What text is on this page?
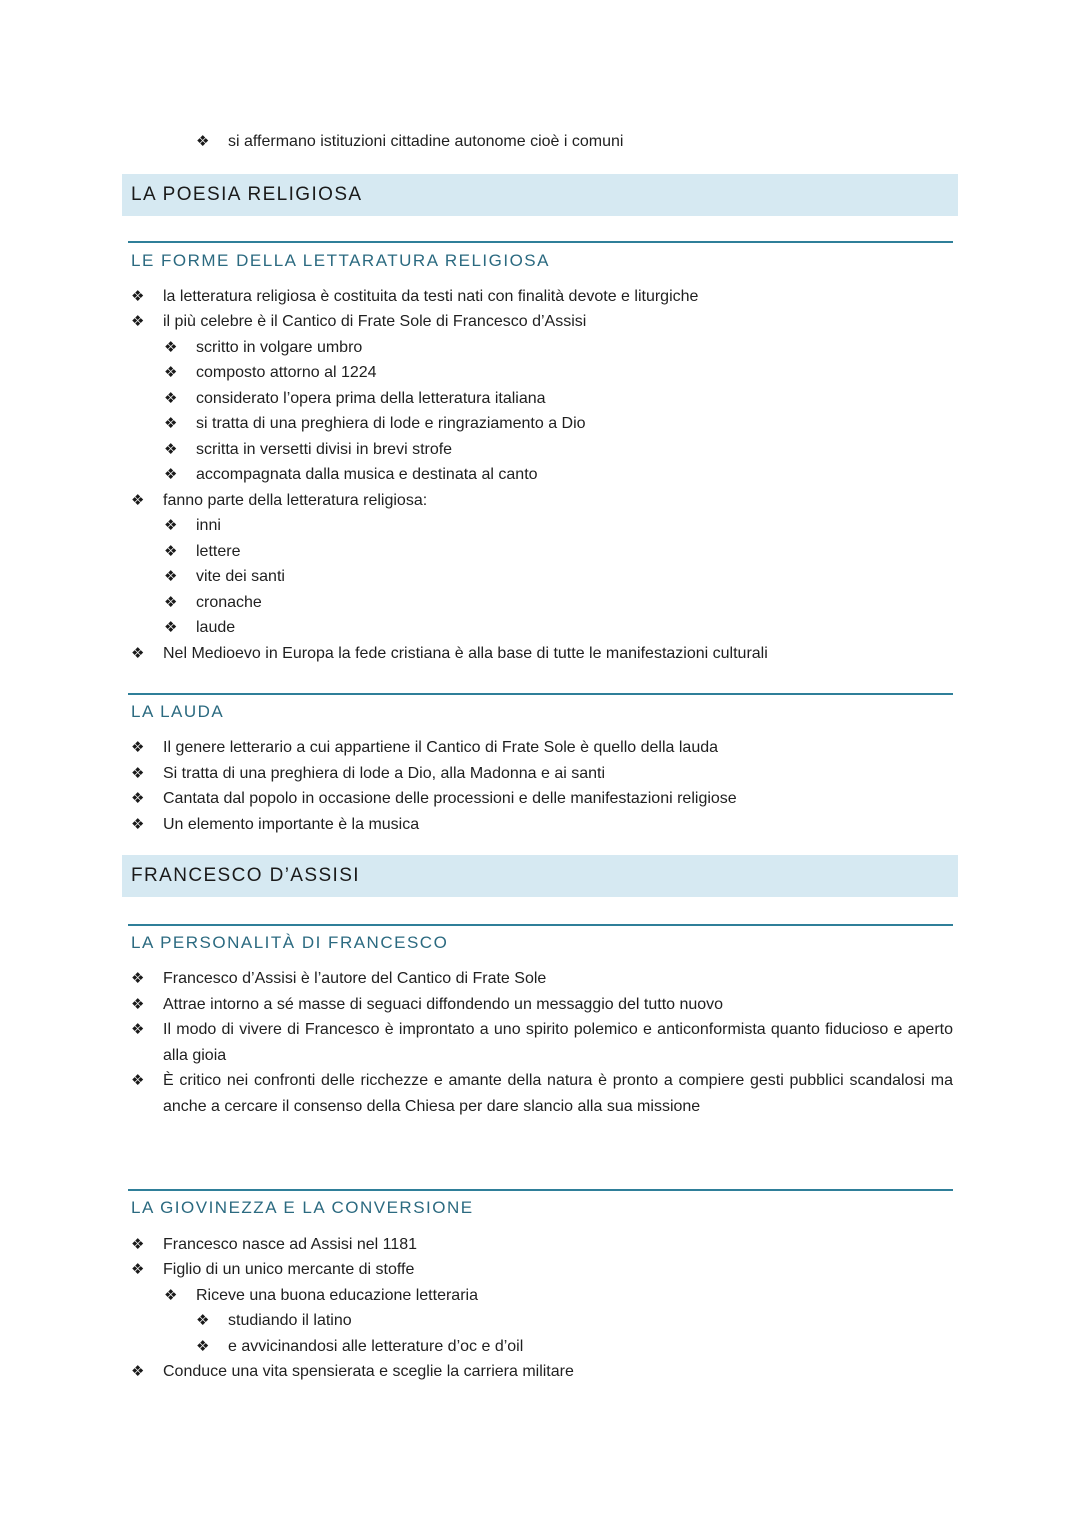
❖ si affermano istituzioni cittadine autonome cioè i comuni
LA POESIA RELIGIOSA
LE FORME DELLA LETTARATURA RELIGIOSA
❖ la letteratura religiosa è costituita da testi nati con finalità devote e liturgiche
❖ il più celebre è il Cantico di Frate Sole di Francesco d’Assisi
❖ scritto in volgare umbro
❖ composto attorno al 1224
❖ considerato l’opera prima della letteratura italiana
❖ si tratta di una preghiera di lode e ringraziamento a Dio
❖ scritta in versetti divisi in brevi strofe
❖ accompagnata dalla musica e destinata al canto
❖ fanno parte della letteratura religiosa:
❖ inni
❖ lettere
❖ vite dei santi
❖ cronache
❖ laude
❖ Nel Medioevo in Europa la fede cristiana è alla base di tutte le manifestazioni culturali
LA LAUDA
❖ Il genere letterario a cui appartiene il Cantico di Frate Sole è quello della lauda
❖ Si tratta di una preghiera di lode a Dio, alla Madonna e ai santi
❖ Cantata dal popolo in occasione delle processioni e delle manifestazioni religiose
❖ Un elemento importante è la musica
FRANCESCO D’ASSISI
LA PERSONALITÀ DI FRANCESCO
❖ Francesco d’Assisi è l’autore del Cantico di Frate Sole
❖ Attrae intorno a sé masse di seguaci diffondendo un messaggio del tutto nuovo
❖ Il modo di vivere di Francesco è improntato a uno spirito polemico e anticonformista quanto fiducioso e aperto alla gioia
❖ È critico nei confronti delle ricchezze e amante della natura è pronto a compiere gesti pubblici scandalosi ma anche a cercare il consenso della Chiesa per dare slancio alla sua missione
LA GIOVINEZZA E LA CONVERSIONE
❖ Francesco nasce ad Assisi nel 1181
❖ Figlio di un unico mercante di stoffe
❖ Riceve una buona educazione letteraria
❖ studiando il latino
❖ e avvicinandosi alle letterature d’oc e d’oil
❖ Conduce una vita spensierata e sceglie la carriera militare
